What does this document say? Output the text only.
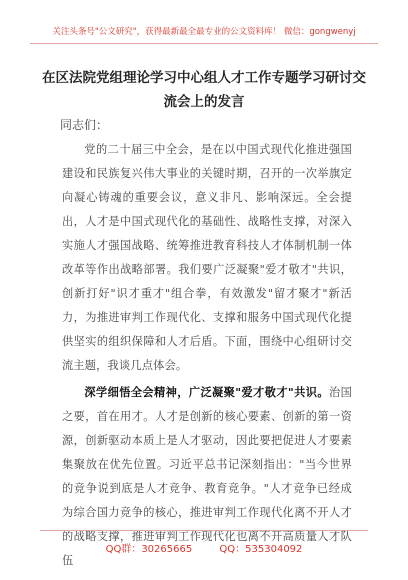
关注头条号"公文研究"，获得最新最全最专业的公文资料库！ 微信：gongwenyj
在区法院党组理论学习中心组人才工作专题学习研讨交流会上的发言
同志们：
党的二十届三中全会，是在以中国式现代化推进强国建设和民族复兴伟大事业的关键时期，召开的一次举旗定向凝心铸魂的重要会议，意义非凡、影响深远。全会提出，人才是中国式现代化的基础性、战略性支撑，对深入实施人才强国战略、统筹推进教育科技人才体制机制一体改革等作出战略部署。我们要广泛凝聚"爱才敬才"共识，创新打好"识才重才"组合拳，有效激发"留才聚才"新活力，为推进审判工作现代化、支撑和服务中国式现代化提供坚实的组织保障和人才后盾。下面，围绕中心组研讨交流主题，我谈几点体会。
深学细悟全会精神，广泛凝聚"爱才敬才"共识。治国之要，首在用才。人才是创新的核心要素、创新的第一资源，创新驱动本质上是人才驱动，因此要把促进人才要素集聚放在优先位置。习近平总书记深刻指出："当今世界的竞争说到底是人才竞争、教育竞争。"人才竞争已经成为综合国力竞争的核心，推进审判工作现代化离不开人才的战略支撑，推进审判工作现代化也离不开高质量人才队伍
QQ群：30265665	QQ：535304092
